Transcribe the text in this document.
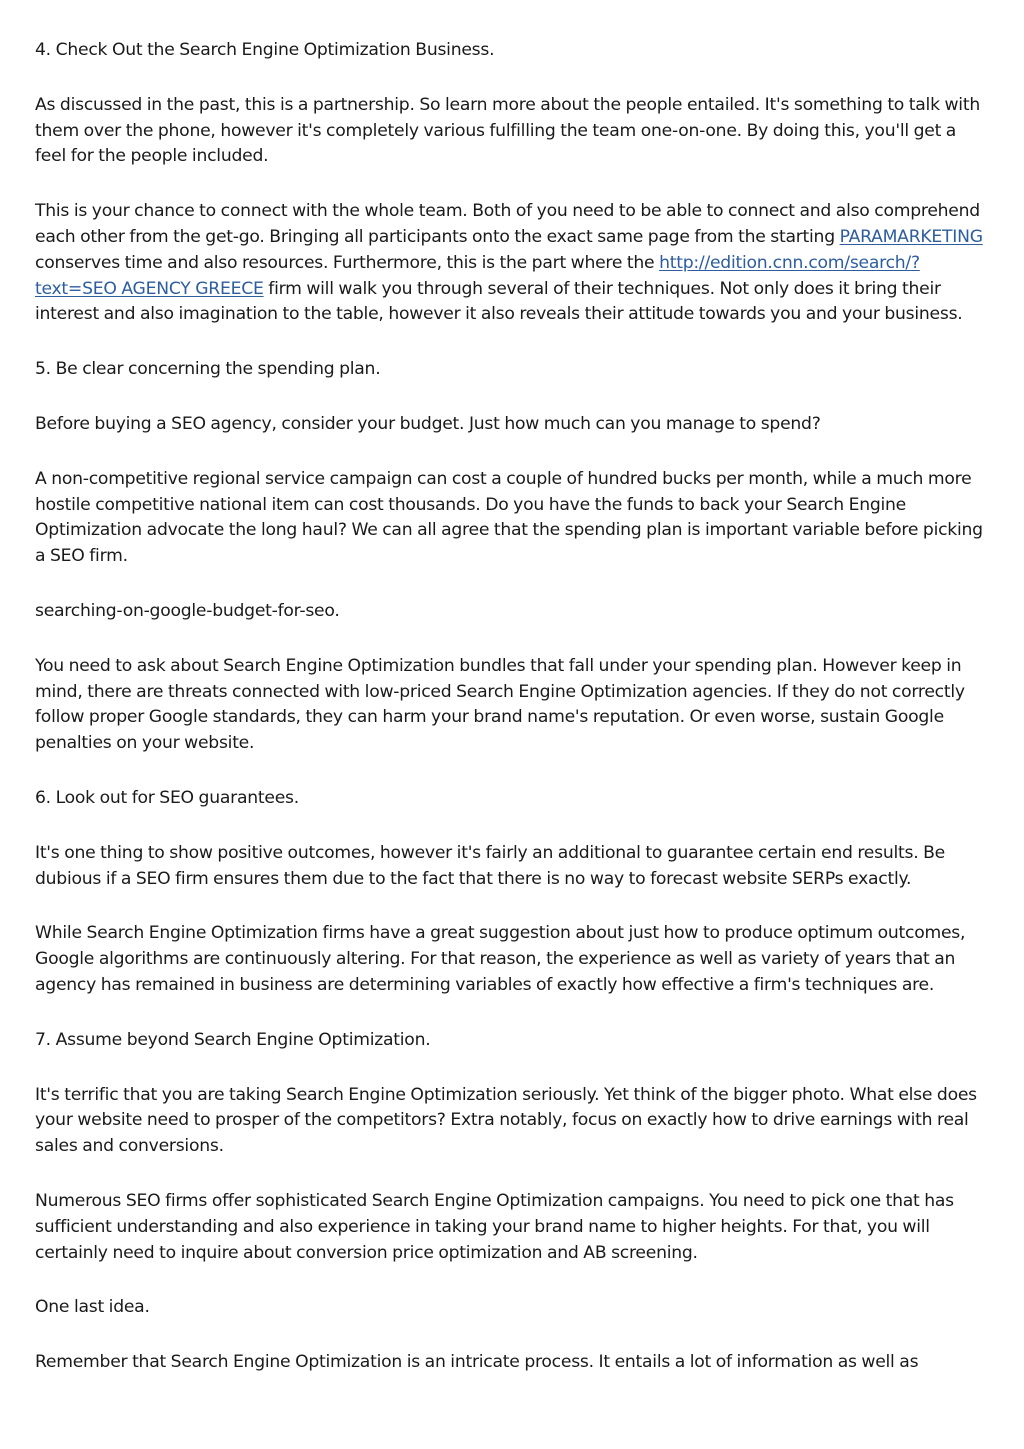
4. Check Out the Search Engine Optimization Business.

As discussed in the past, this is a partnership. So learn more about the people entailed. It's something to talk with them over the phone, however it's completely various fulfilling the team one-on-one. By doing this, you'll get a feel for the people included.

This is your chance to connect with the whole team. Both of you need to be able to connect and also comprehend each other from the get-go. Bringing all participants onto the exact same page from the starting PARAMARKETING conserves time and also resources. Furthermore, this is the part where the http://edition.cnn.com/search/?text=SEO AGENCY GREECE firm will walk you through several of their techniques. Not only does it bring their interest and also imagination to the table, however it also reveals their attitude towards you and your business.

5. Be clear concerning the spending plan.

Before buying a SEO agency, consider your budget. Just how much can you manage to spend?

A non-competitive regional service campaign can cost a couple of hundred bucks per month, while a much more hostile competitive national item can cost thousands. Do you have the funds to back your Search Engine Optimization advocate the long haul? We can all agree that the spending plan is important variable before picking a SEO firm.

searching-on-google-budget-for-seo.

You need to ask about Search Engine Optimization bundles that fall under your spending plan. However keep in mind, there are threats connected with low-priced Search Engine Optimization agencies. If they do not correctly follow proper Google standards, they can harm your brand name's reputation. Or even worse, sustain Google penalties on your website.

6. Look out for SEO guarantees.

It's one thing to show positive outcomes, however it's fairly an additional to guarantee certain end results. Be dubious if a SEO firm ensures them due to the fact that there is no way to forecast website SERPs exactly.

While Search Engine Optimization firms have a great suggestion about just how to produce optimum outcomes, Google algorithms are continuously altering. For that reason, the experience as well as variety of years that an agency has remained in business are determining variables of exactly how effective a firm's techniques are.

7. Assume beyond Search Engine Optimization.

It's terrific that you are taking Search Engine Optimization seriously. Yet think of the bigger photo. What else does your website need to prosper of the competitors? Extra notably, focus on exactly how to drive earnings with real sales and conversions.

Numerous SEO firms offer sophisticated Search Engine Optimization campaigns. You need to pick one that has sufficient understanding and also experience in taking your brand name to higher heights. For that, you will certainly need to inquire about conversion price optimization and AB screening.

One last idea.

Remember that Search Engine Optimization is an intricate process. It entails a lot of information as well as
